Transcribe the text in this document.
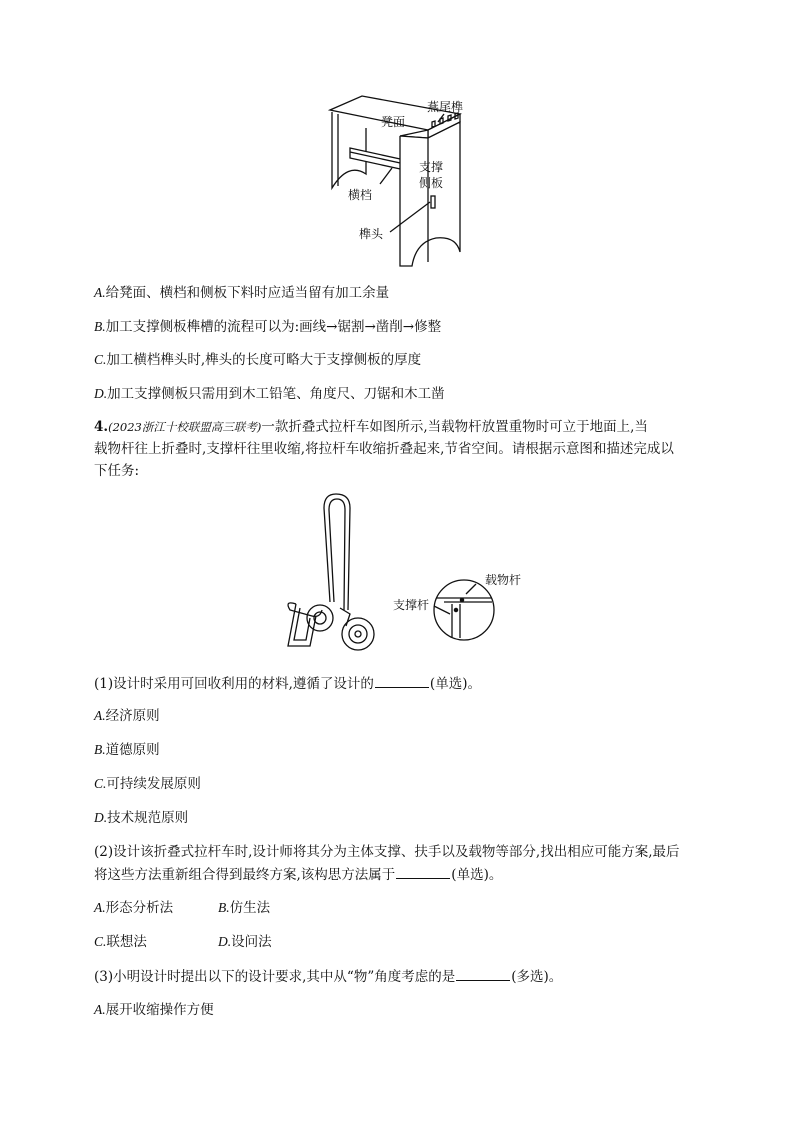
燕尾榫
凳面
支撑
侧板
横档
榫头
A.给凳面、横档和侧板下料时应适当留有加工余量
B.加工支撑侧板榫槽的流程可以为:画线→锯割→凿削→修整
C.加工横档榫头时,榫头的长度可略大于支撑侧板的厚度
D.加工支撑侧板只需用到木工铅笔、角度尺、刀锯和木工凿
4.(2023浙江十校联盟高三联考)一款折叠式拉杆车如图所示,当载物杆放置重物时可立于地面上,当
载物杆往上折叠时,支撑杆往里收缩,将拉杆车收缩折叠起来,节省空间。请根据示意图和描述完成以
下任务:
载物杆
支撑杆
(1)设计时采用可回收利用的材料,遵循了设计的	(单选)。
A.经济原则
B.道德原则
C.可持续发展原则
D.技术规范原则
(2)设计该折叠式拉杆车时,设计师将其分为主体支撑、扶手以及载物等部分,找出相应可能方案,最后
将这些方法重新组合得到最终方案,该构思方法属于	(单选)。
A.形态分析法	B.仿生法
C.联想法	D.设问法
(3)小明设计时提出以下的设计要求,其中从“物”角度考虑的是	(多选)。
A.展开收缩操作方便
